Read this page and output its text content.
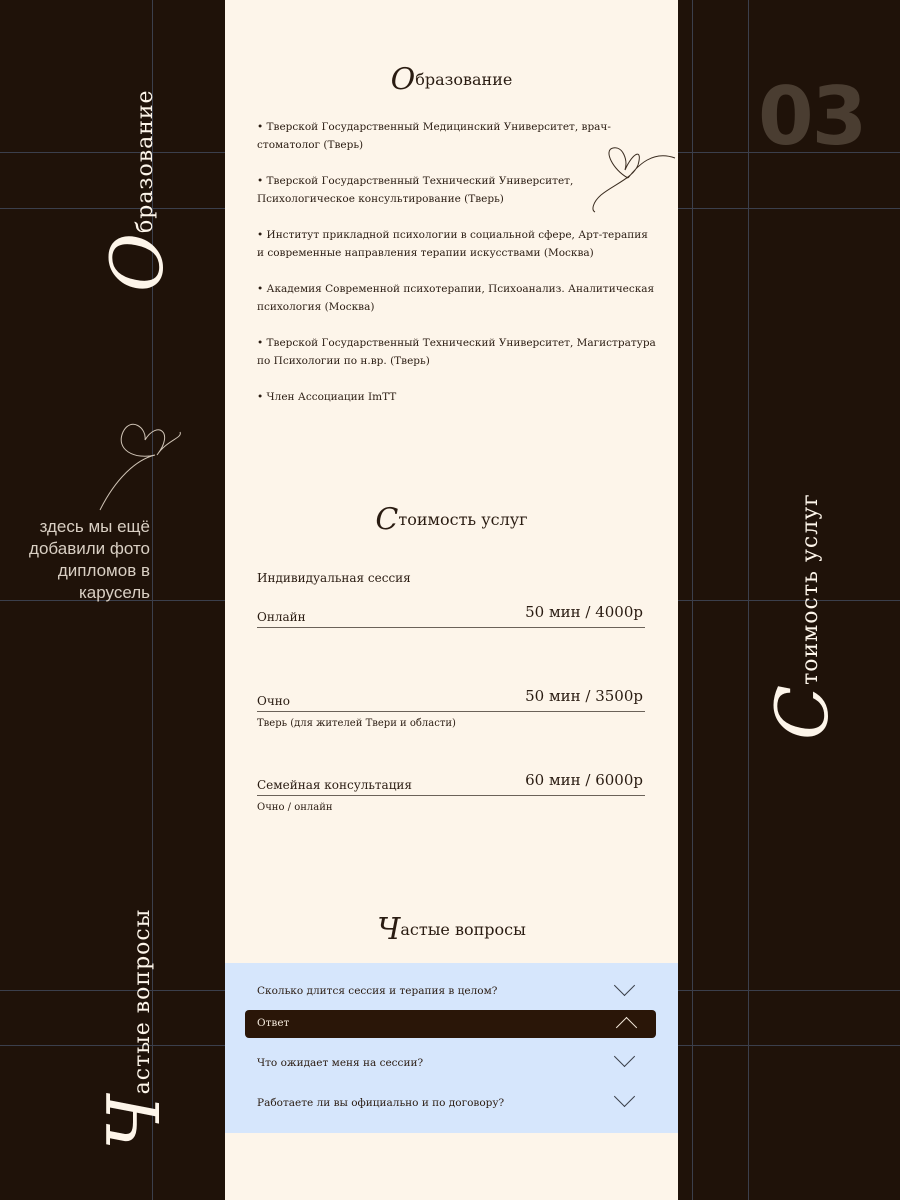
Образование
здесь мы ещё добавили фото дипломов в карусель
Частые вопросы
03
Стоимость услуг
Образование
• Тверской Государственный Медицинский Университет, врач-стоматолог (Тверь)
• Тверской Государственный Технический Университет, Психологическое консультирование (Тверь)
• Институт прикладной психологии в социальной сфере, Арт-терапия и современные направления терапии искусствами (Москва)
• Академия Современной психотерапии, Психоанализ. Аналитическая психология (Москва)
• Тверской Государственный Технический Университет, Магистратура по Психологии по н.вр. (Тверь)
• Член Ассоциации ImTT
Стоимость услуг
Индивидуальная сессия
Онлайн	50 мин / 4000р
Очно	50 мин / 3500р
Тверь (для жителей Твери и области)
Семейная консультация	60 мин / 6000р
Очно / онлайн
Частые вопросы
Сколько длится сессия и терапия в целом?
Что ожидает меня на сессии?
Работаете ли вы официально и по договору?
Ответ
